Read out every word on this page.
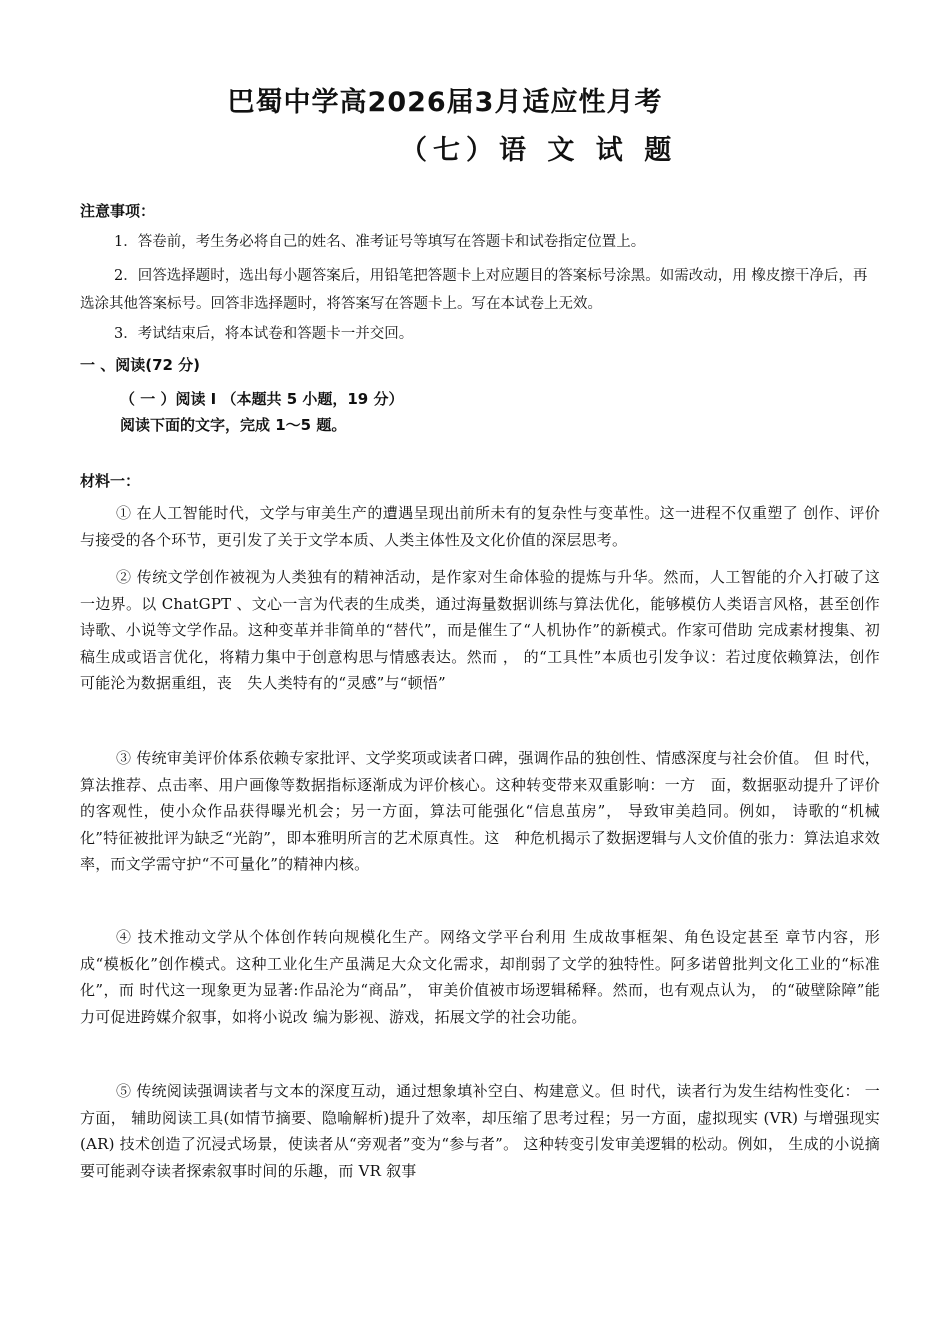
巴蜀中学高2026届3月适应性月考
（七）语 文 试 题
注意事项：
1．答卷前，考生务必将自己的姓名、准考证号等填写在答题卡和试卷指定位置上。
2．回答选择题时，选出每小题答案后，用铅笔把答题卡上对应题目的答案标号涂黑。如需改动，用 橡皮擦干净后，再选涂其他答案标号。回答非选择题时，将答案写在答题卡上。写在本试卷上无效。
3．考试结束后，将本试卷和答题卡一并交回。
一 、阅读(72 分)
（ 一 ）阅读 I （本题共 5 小题，19 分）阅读下面的文字，完成 1～5 题。
材料一：
① 在人工智能时代，文学与审美生产的遭遇呈现出前所未有的复杂性与变革性。这一进程不仅重塑了 创作、评价与接受的各个环节，更引发了关于文学本质、人类主体性及文化价值的深层思考。
② 传统文学创作被视为人类独有的精神活动，是作家对生命体验的提炼与升华。然而，人工智能的介入打破了这一边界。以 ChatGPT 、文心一言为代表的生成类，通过海量数据训练与算法优化，能够模仿人类语言风格，甚至创作诗歌、小说等文学作品。这种变革并非简单的“替代”，而是催生了“人机协作”的新模式。作家可借助 完成素材搜集、初稿生成或语言优化，将精力集中于创意构思与情感表达。然而 ， 的“工具性”本质也引发争议：若过度依赖算法，创作可能沦为数据重组，丧　失人类特有的“灵感”与“顿悟”
③ 传统审美评价体系依赖专家批评、文学奖项或读者口碑，强调作品的独创性、情感深度与社会价值。 但 时代，算法推荐、点击率、用户画像等数据指标逐渐成为评价核心。这种转变带来双重影响：一方　面，数据驱动提升了评价的客观性，使小众作品获得曝光机会；另一方面，算法可能强化“信息茧房”， 导致审美趋同。例如， 诗歌的“机械化”特征被批评为缺乏“光韵”，即本雅明所言的艺术原真性。这　种危机揭示了数据逻辑与人文价值的张力：算法追求效率，而文学需守护“不可量化”的精神内核。
④ 技术推动文学从个体创作转向规模化生产。网络文学平台利用 生成故事框架、角色设定甚至 章节内容，形成“模板化”创作模式。这种工业化生产虽满足大众文化需求，却削弱了文学的独特性。阿多诺曾批判文化工业的“标准化”，而 时代这一现象更为显著:作品沦为“商品”， 审美价值被市场逻辑稀释。然而，也有观点认为， 的“破壁除障”能力可促进跨媒介叙事，如将小说改 编为影视、游戏，拓展文学的社会功能。
⑤ 传统阅读强调读者与文本的深度互动，通过想象填补空白、构建意义。但 时代，读者行为发生结构性变化： 一方面， 辅助阅读工具(如情节摘要、隐喻解析)提升了效率，却压缩了思考过程；另一方面，虚拟现实 (VR) 与增强现实 (AR) 技术创造了沉浸式场景，使读者从“旁观者”变为“参与者”。 这种转变引发审美逻辑的松动。例如， 生成的小说摘要可能剥夺读者探索叙事时间的乐趣，而 VR 叙事
